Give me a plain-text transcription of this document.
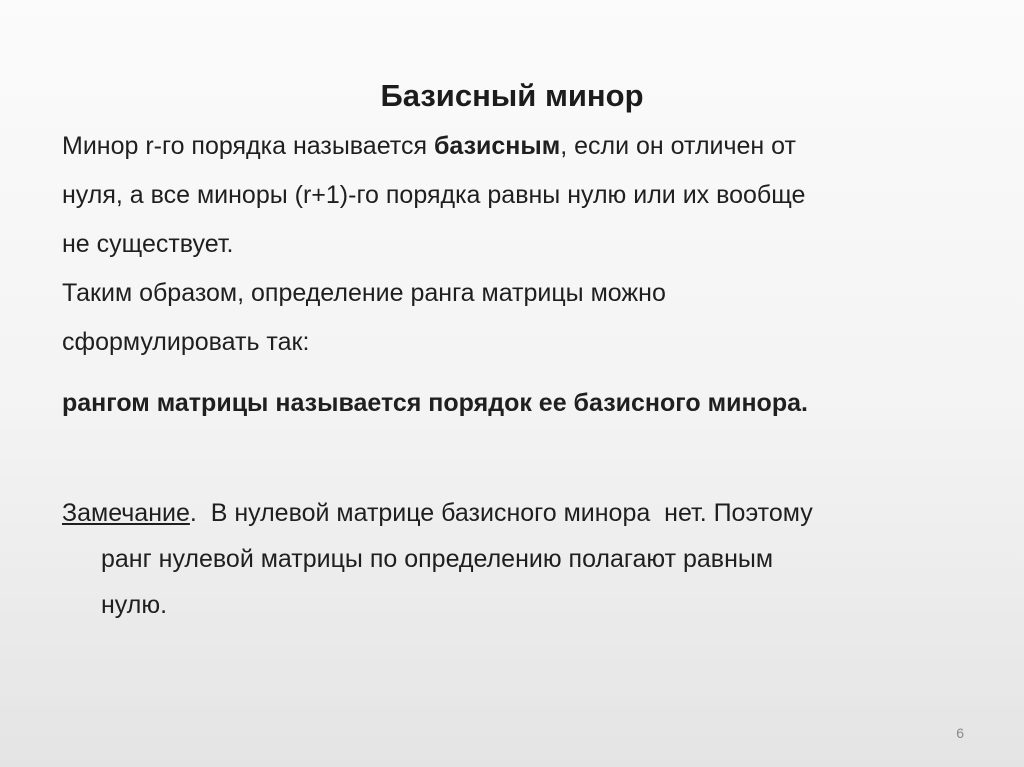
Базисный минор
Минор r-го порядка называется базисным, если он отличен от
нуля, а все миноры (r+1)-го порядка равны нулю или их вообще
не существует.
Таким образом, определение ранга матрицы можно
сформулировать так:
рангом матрицы называется порядок ее базисного минора.
Замечание.  В нулевой матрице базисного минора  нет. Поэтому
ранг нулевой матрицы по определению полагают равным
нулю.
6
